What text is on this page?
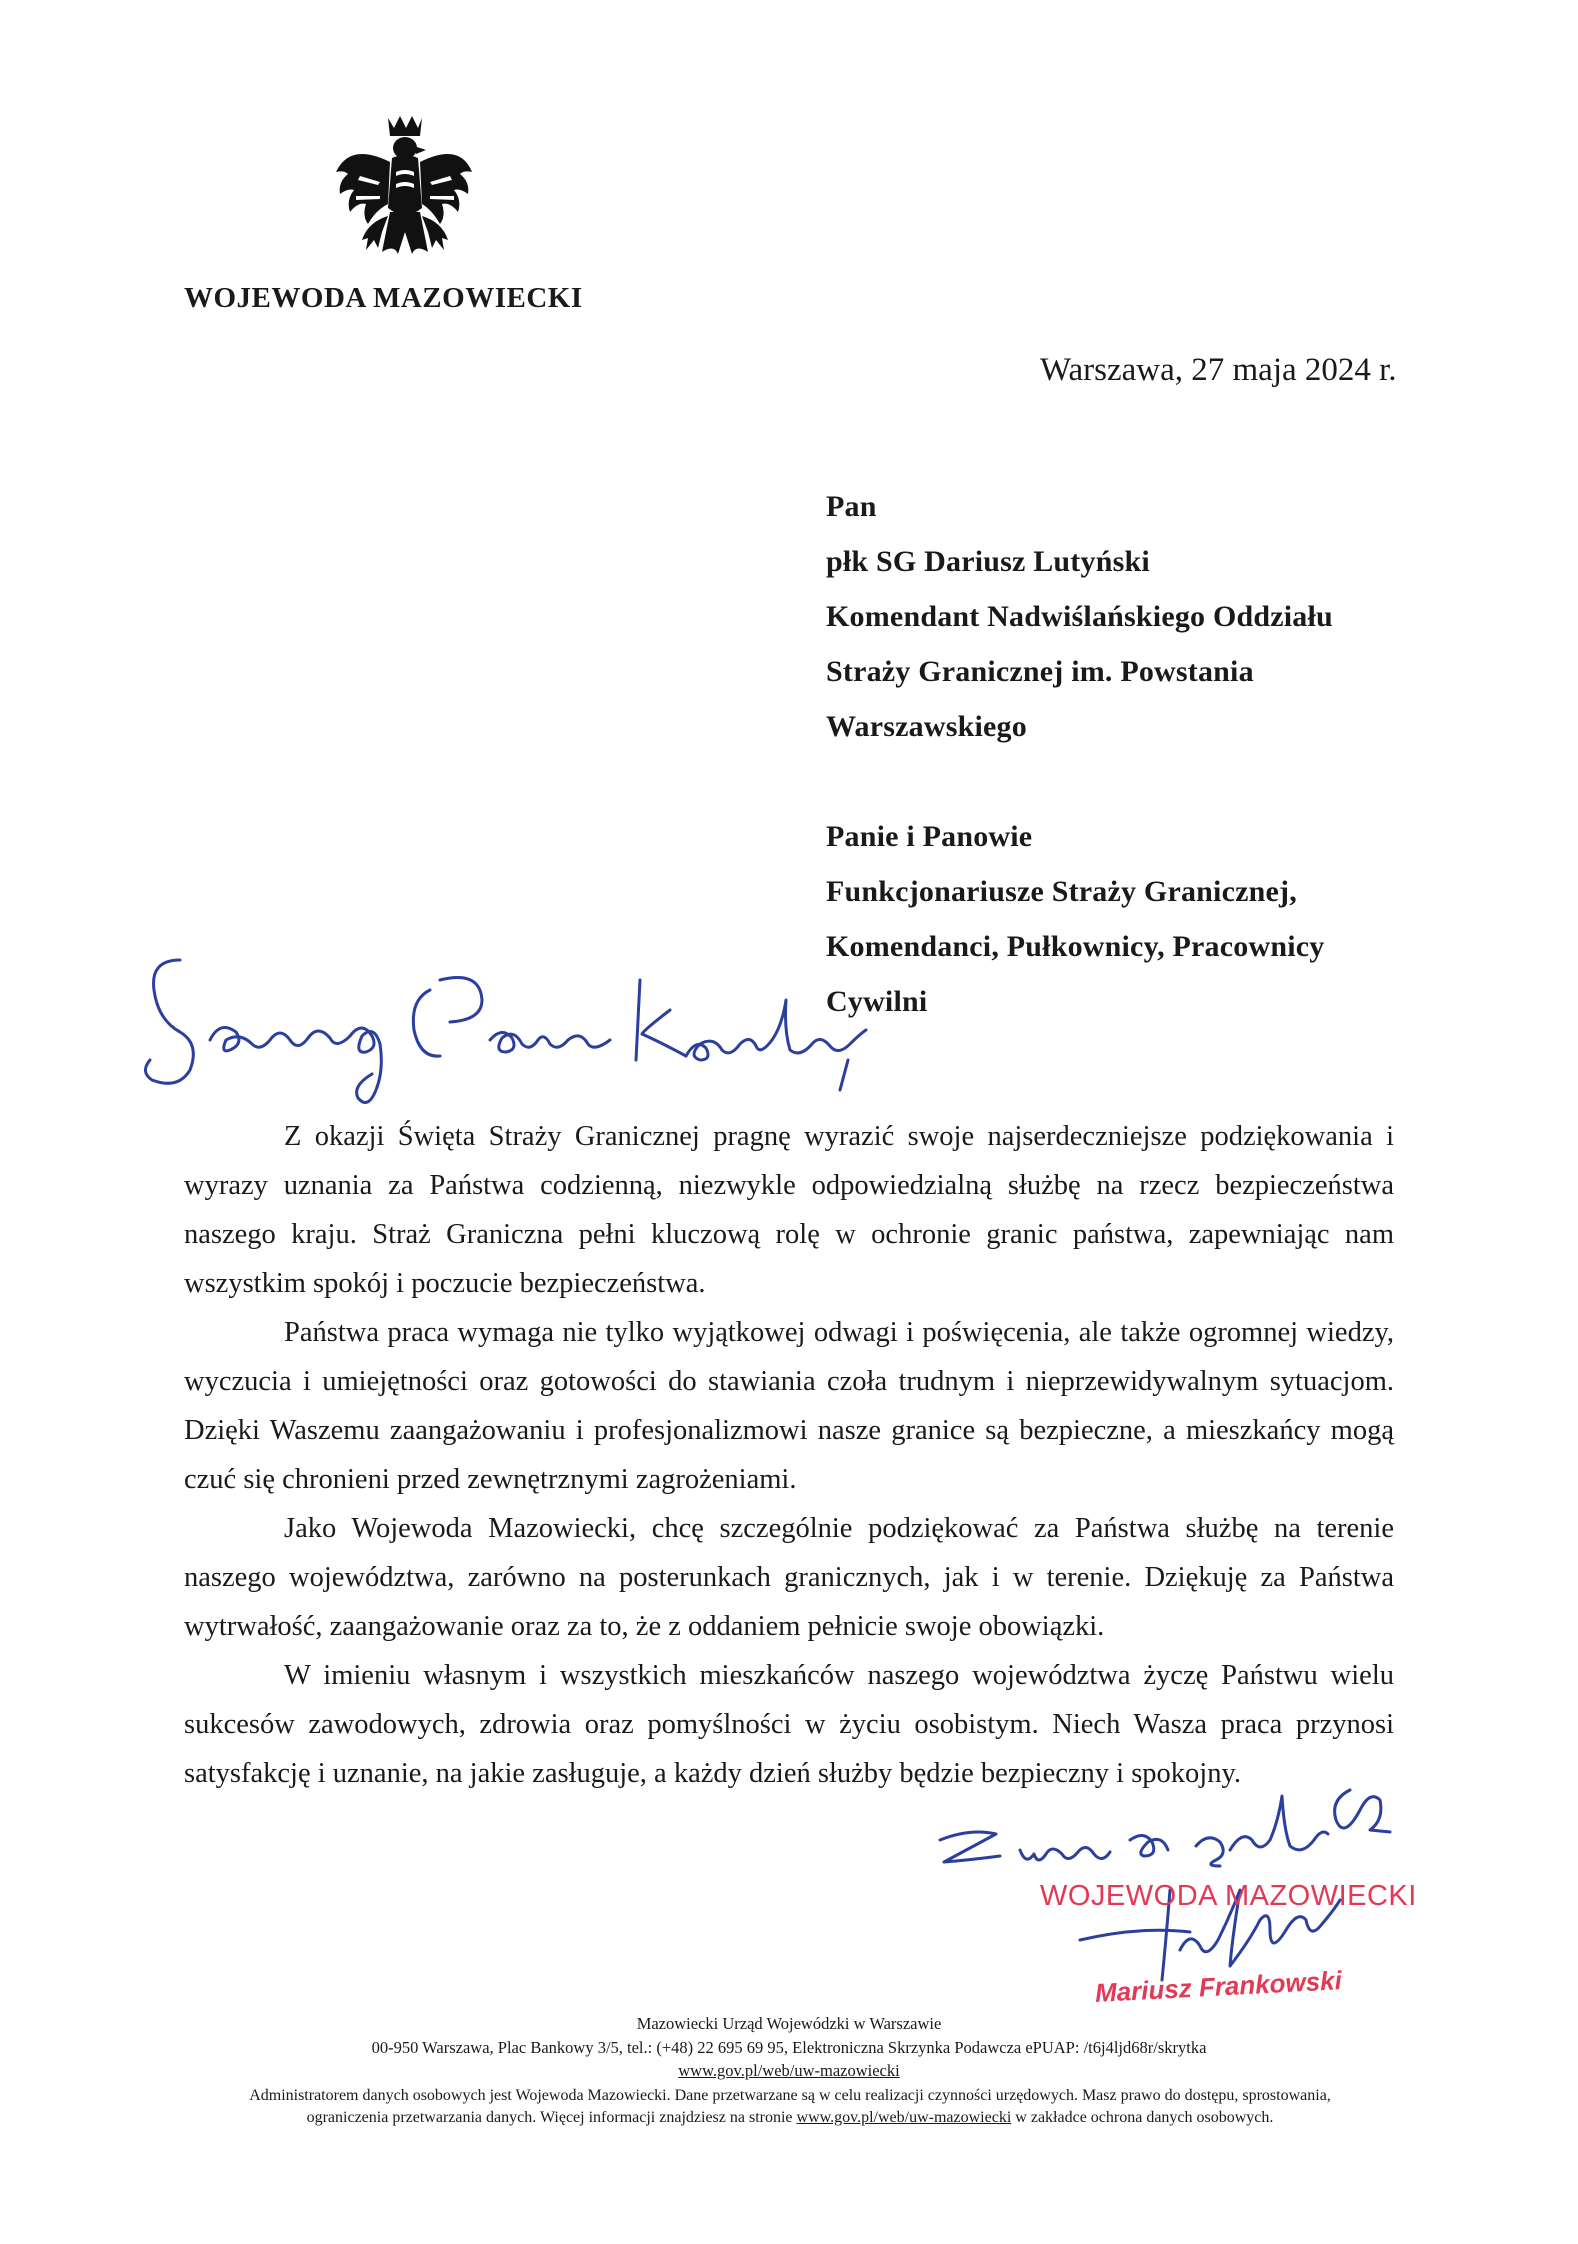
WOJEWODA MAZOWIECKI
Warszawa, 27 maja 2024 r.
Pan
płk SG Dariusz Lutyński
Komendant Nadwiślańskiego Oddziału
Straży Granicznej im. Powstania
Warszawskiego
Panie i Panowie
Funkcjonariusze Straży Granicznej,
Komendanci, Pułkownicy, Pracownicy
Cywilni

Z okazji Święta Straży Granicznej pragnę wyrazić swoje najserdeczniejsze podziękowania i wyrazy uznania za Państwa codzienną, niezwykle odpowiedzialną służbę na rzecz bezpieczeństwa naszego kraju. Straż Graniczna pełni kluczową rolę w ochronie granic państwa, zapewniając nam wszystkim spokój i poczucie bezpieczeństwa.

Państwa praca wymaga nie tylko wyjątkowej odwagi i poświęcenia, ale także ogromnej wiedzy, wyczucia i umiejętności oraz gotowości do stawiania czoła trudnym i nieprzewidywalnym sytuacjom. Dzięki Waszemu zaangażowaniu i profesjonalizmowi nasze granice są bezpieczne, a mieszkańcy mogą czuć się chronieni przed zewnętrznymi zagrożeniami.

Jako Wojewoda Mazowiecki, chcę szczególnie podziękować za Państwa służbę na terenie naszego województwa, zarówno na posterunkach granicznych, jak i w terenie. Dziękuję za Państwa wytrwałość, zaangażowanie oraz za to, że z oddaniem pełnicie swoje obowiązki.

W imieniu własnym i wszystkich mieszkańców naszego województwa życzę Państwu wielu sukcesów zawodowych, zdrowia oraz pomyślności w życiu osobistym. Niech Wasza praca przynosi satysfakcję i uznanie, na jakie zasługuje, a każdy dzień służby będzie bezpieczny i spokojny.

WOJEWODA MAZOWIECKI
Mariusz Frankowski
Mazowiecki Urząd Wojewódzki w Warszawie
00-950 Warszawa, Plac Bankowy 3/5, tel.: (+48) 22 695 69 95, Elektroniczna Skrzynka Podawcza ePUAP: /t6j4ljd68r/skrytka
www.gov.pl/web/uw-mazowiecki
Administratorem danych osobowych jest Wojewoda Mazowiecki. Dane przetwarzane są w celu realizacji czynności urzędowych. Masz prawo do dostępu, sprostowania, ograniczenia przetwarzania danych. Więcej informacji znajdziesz na stronie www.gov.pl/web/uw-mazowiecki w zakładce ochrona danych osobowych.
